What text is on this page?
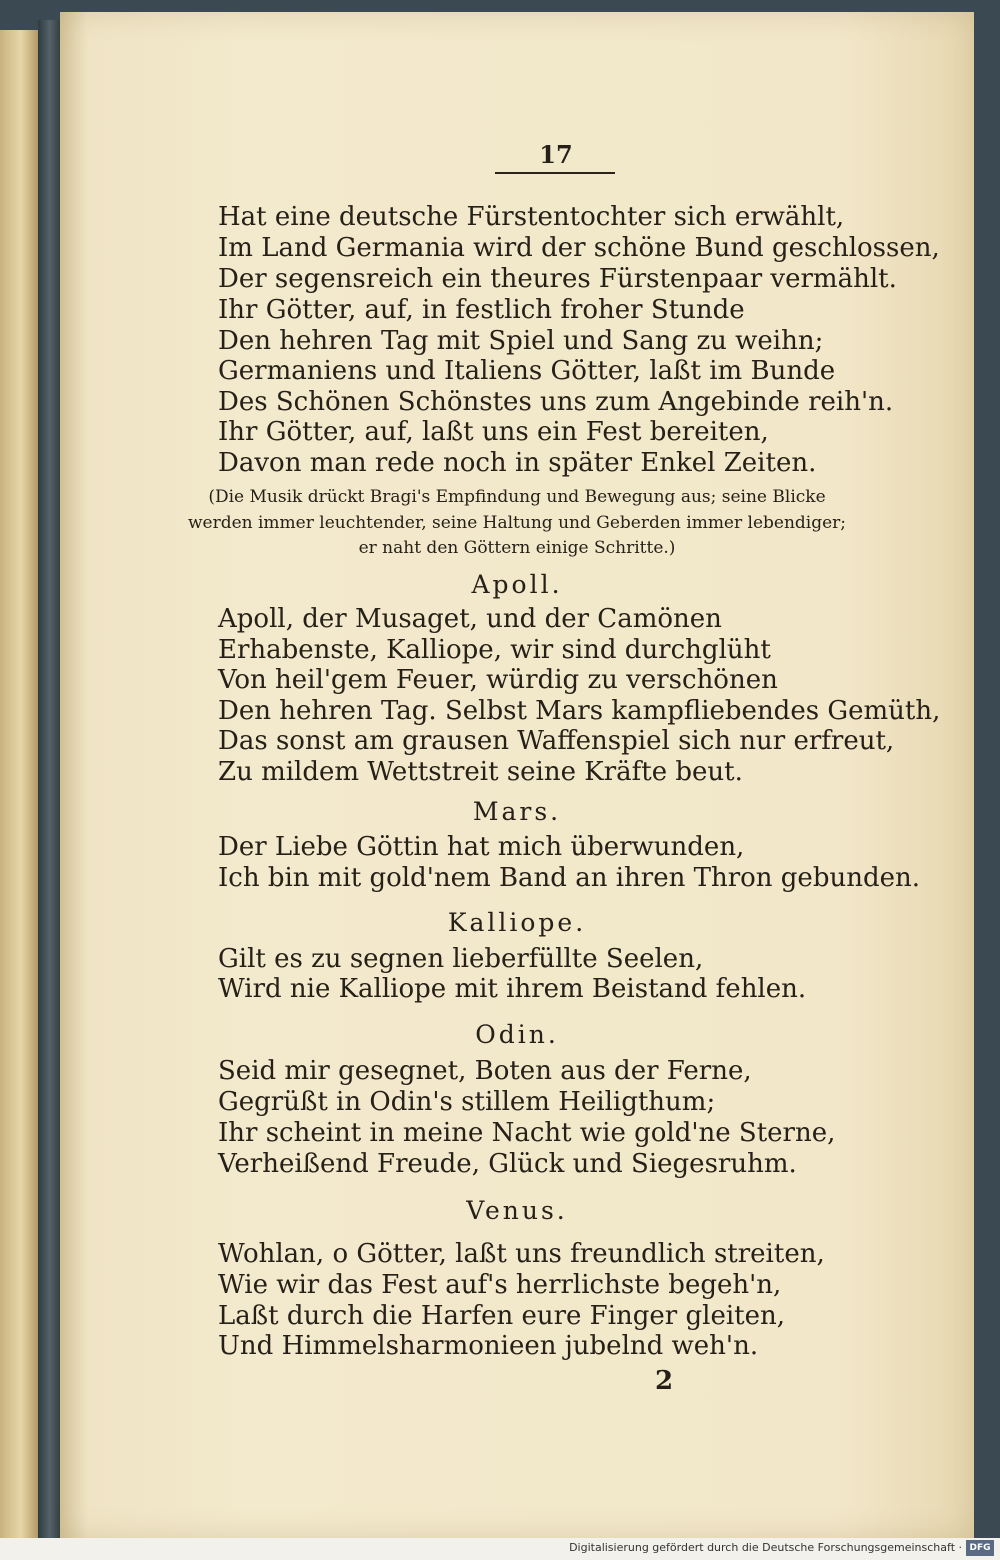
17
Hat eine deutsche Fürstentochter sich erwählt,
Im Land Germania wird der schöne Bund geschlossen,
Der segensreich ein theures Fürstenpaar vermählt.
Ihr Götter, auf, in festlich froher Stunde
Den hehren Tag mit Spiel und Sang zu weihn;
Germaniens und Italiens Götter, laßt im Bunde
Des Schönen Schönstes uns zum Angebinde reih'n.
Ihr Götter, auf, laßt uns ein Fest bereiten,
Davon man rede noch in später Enkel Zeiten.
(Die Musik drückt Bragi's Empfindung und Bewegung aus; seine Blicke
werden immer leuchtender, seine Haltung und Geberden immer lebendiger;
er naht den Göttern einige Schritte.)
Apoll.
Apoll, der Musaget, und der Camönen
Erhabenste, Kalliope, wir sind durchglüht
Von heil'gem Feuer, würdig zu verschönen
Den hehren Tag. Selbst Mars kampfliebendes Gemüth,
Das sonst am grausen Waffenspiel sich nur erfreut,
Zu mildem Wettstreit seine Kräfte beut.
Mars.
Der Liebe Göttin hat mich überwunden,
Ich bin mit gold'nem Band an ihren Thron gebunden.
Kalliope.
Gilt es zu segnen lieberfüllte Seelen,
Wird nie Kalliope mit ihrem Beistand fehlen.
Odin.
Seid mir gesegnet, Boten aus der Ferne,
Gegrüßt in Odin's stillem Heiligthum;
Ihr scheint in meine Nacht wie gold'ne Sterne,
Verheißend Freude, Glück und Siegesruhm.
Venus.
Wohlan, o Götter, laßt uns freundlich streiten,
Wie wir das Fest auf's herrlichste begeh'n,
Laßt durch die Harfen eure Finger gleiten,
Und Himmelsharmonieen jubelnd weh'n.
2
Digitalisierung gefördert durch die Deutsche Forschungsgemeinschaft · DFG
